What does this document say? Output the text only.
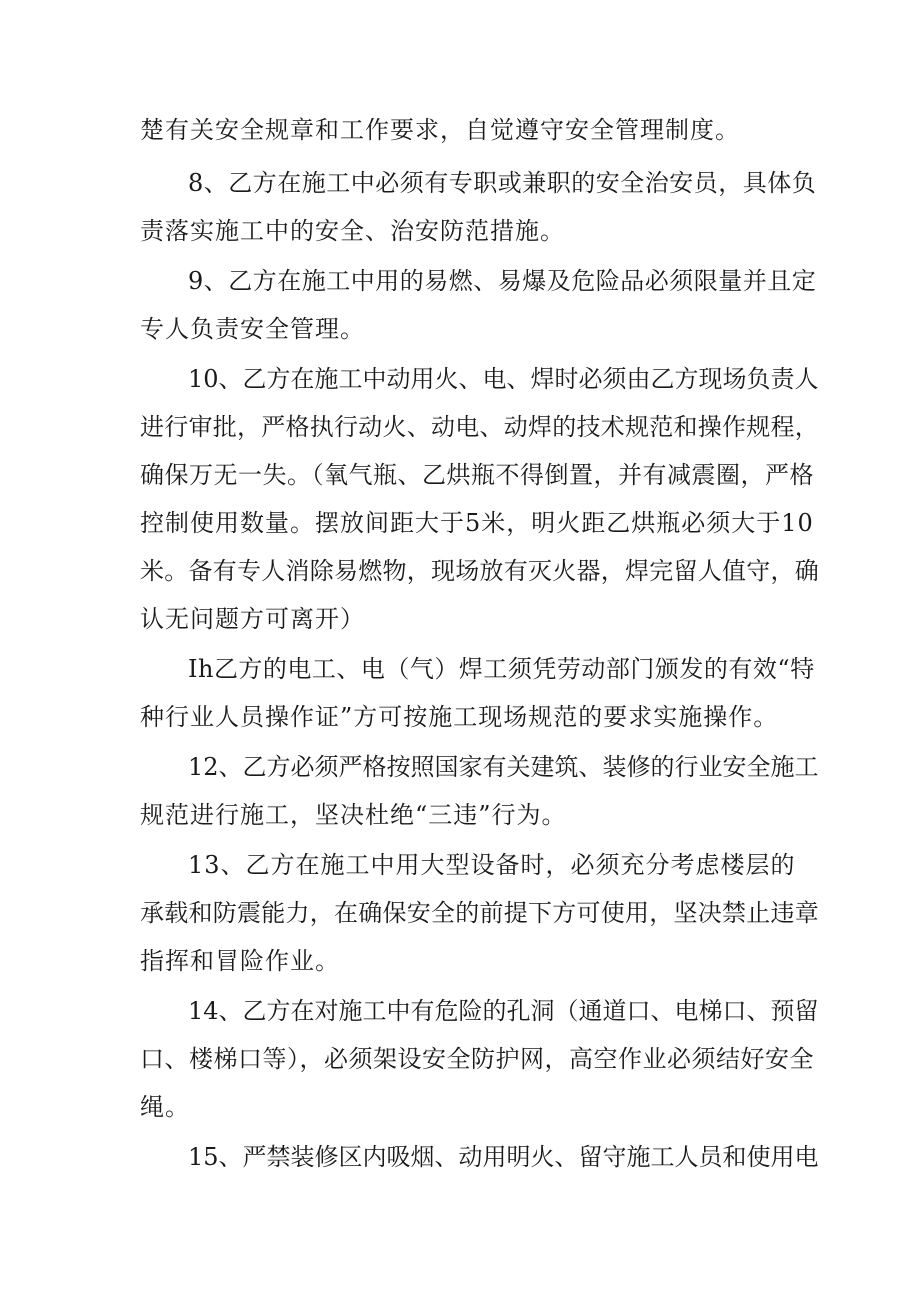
楚有关安全规章和工作要求，自觉遵守安全管理制度。
8、乙方在施工中必须有专职或兼职的安全治安员，具体负
责落实施工中的安全、治安防范措施。
9、乙方在施工中用的易燃、易爆及危险品必须限量并且定
专人负责安全管理。
10、乙方在施工中动用火、电、焊时必须由乙方现场负责人
进行审批，严格执行动火、动电、动焊的技术规范和操作规程，
确保万无一失。（氧气瓶、乙烘瓶不得倒置，并有减震圈，严格
控制使用数量。摆放间距大于5米，明火距乙烘瓶必须大于10
米。备有专人消除易燃物，现场放有灭火器，焊完留人值守，确
认无问题方可离开）
Ih乙方的电工、电（气）焊工须凭劳动部门颁发的有效“特
种行业人员操作证”方可按施工现场规范的要求实施操作。
12、乙方必须严格按照国家有关建筑、装修的行业安全施工
规范进行施工，坚决杜绝“三违”行为。
13、乙方在施工中用大型设备时，必须充分考虑楼层的
承载和防震能力，在确保安全的前提下方可使用，坚决禁止违章
指挥和冒险作业。
14、乙方在对施工中有危险的孔洞（通道口、电梯口、预留
口、楼梯口等），必须架设安全防护网，高空作业必须结好安全
绳。
15、严禁装修区内吸烟、动用明火、留守施工人员和使用电
